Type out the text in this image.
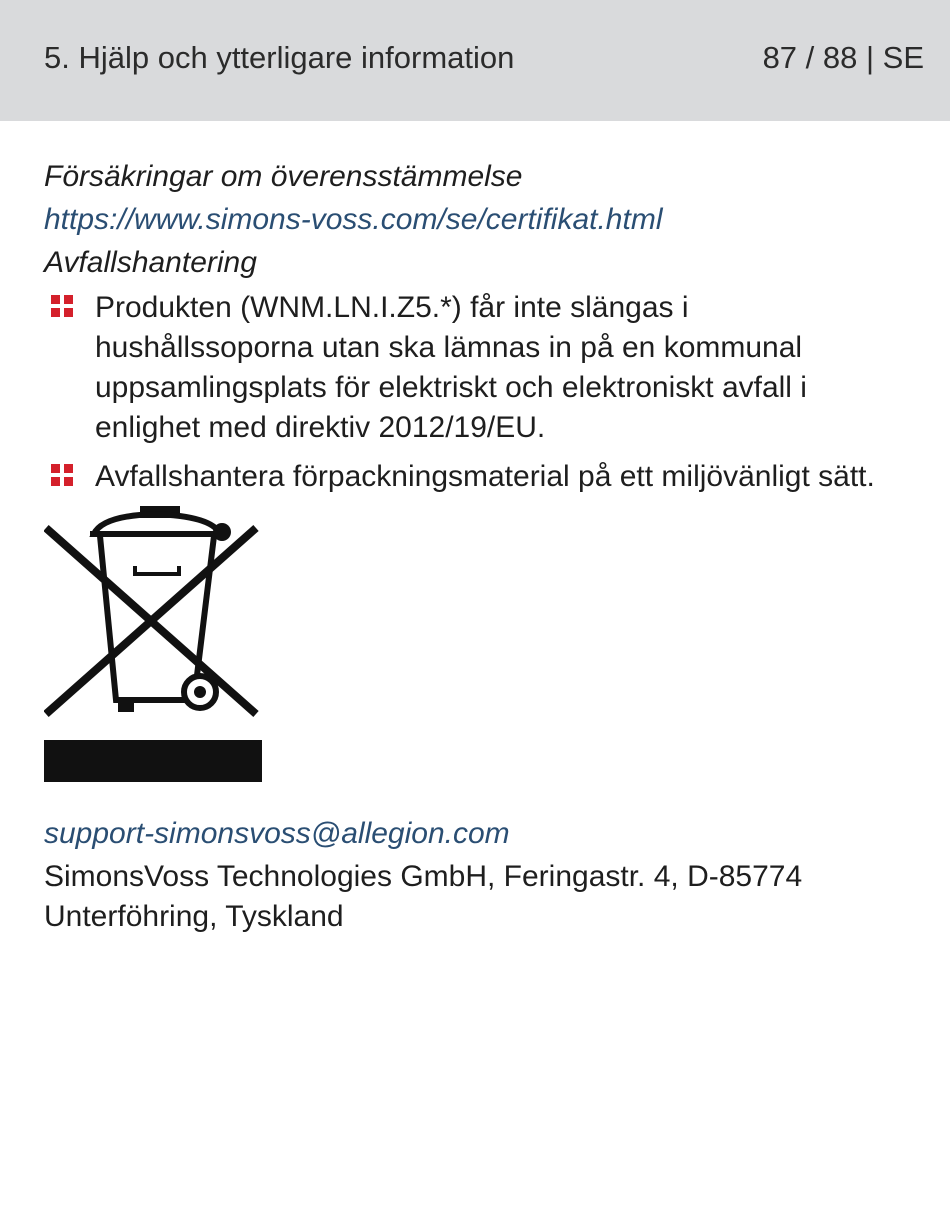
5. Hjälp och ytterligare information	87 / 88 | SE
Försäkringar om överensstämmelse
https://www.simons-voss.com/se/certifikat.html
Avfallshantering
Produkten (WNM.LN.I.Z5.*) får inte slängas i hushållssoporna utan ska lämnas in på en kommunal uppsamlingsplats för elektriskt och elektroniskt avfall i enlighet med direktiv 2012/19/EU.
Avfallshantera förpackningsmaterial på ett miljövänligt sätt.
support-simonsvoss@allegion.com
SimonsVoss Technologies GmbH, Feringastr. 4, D-85774 Unterföhring, Tyskland
